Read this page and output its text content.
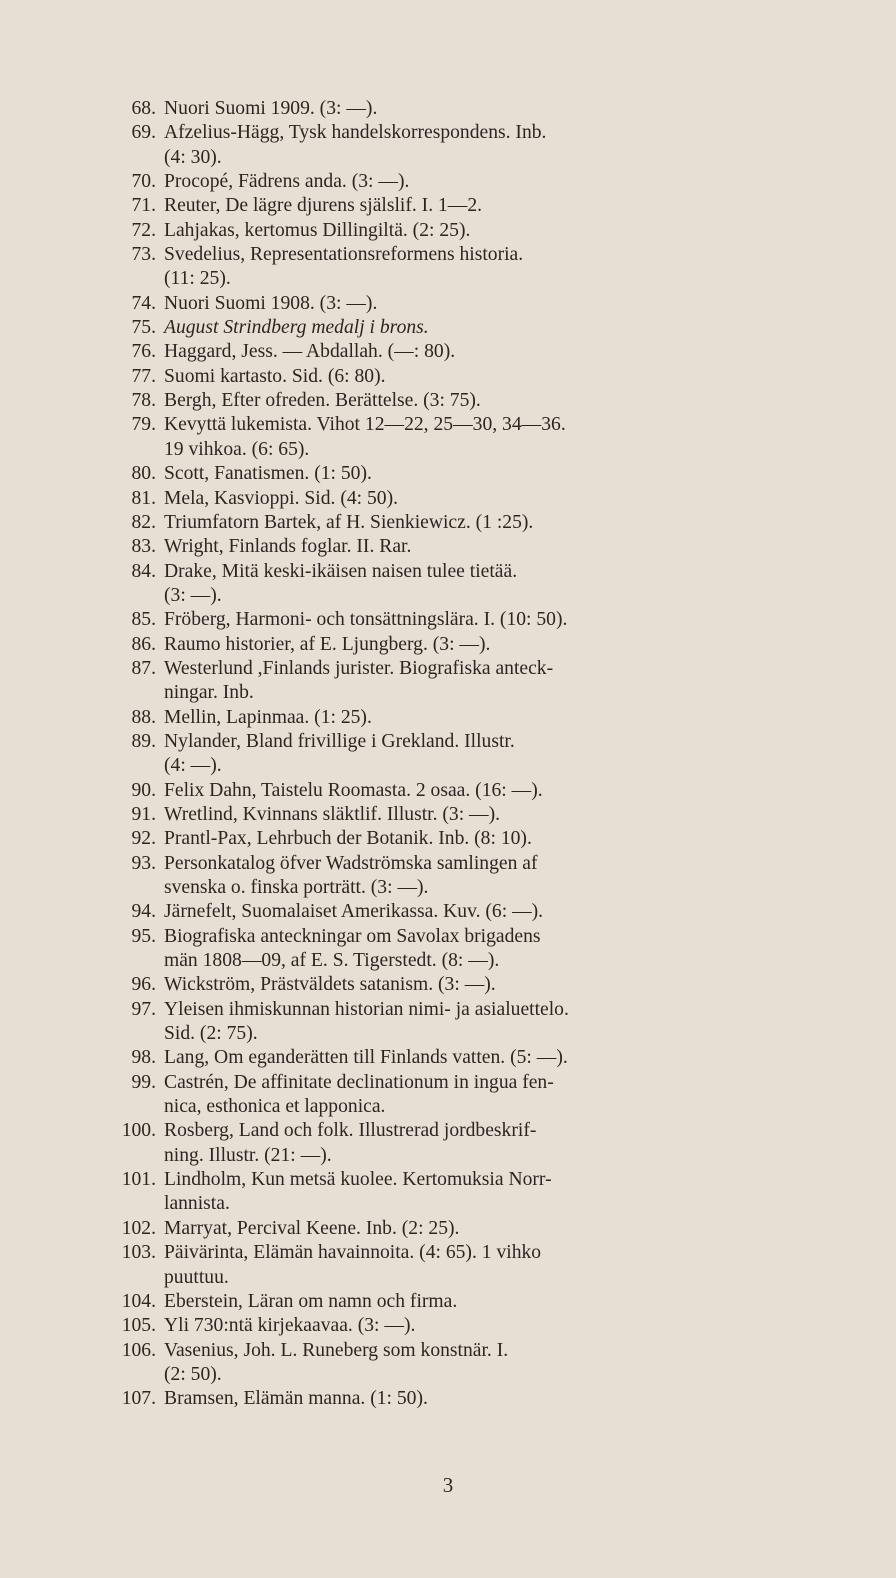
68. Nuori Suomi 1909. (3: —).
69. Afzelius-Hägg, Tysk handelskorrespondens. Inb.
(4: 30).
70. Procopé, Fädrens anda. (3: —).
71. Reuter, De lägre djurens själslif. I. 1—2.
72. Lahjakas, kertomus Dillingiltä. (2: 25).
73. Svedelius, Representationsreformens historia.
(11: 25).
74. Nuori Suomi 1908. (3: —).
75. August Strindberg medalj i brons.
76. Haggard, Jess. — Abdallah. (—: 80).
77. Suomi kartasto. Sid. (6: 80).
78. Bergh, Efter ofreden. Berättelse. (3: 75).
79. Kevyttä lukemista. Vihot 12—22, 25—30, 34—36.
19 vihkoa. (6: 65).
80. Scott, Fanatismen. (1: 50).
81. Mela, Kasvioppi. Sid. (4: 50).
82. Triumfatorn Bartek, af H. Sienkiewicz. (1 :25).
83. Wright, Finlands foglar. II. Rar.
84. Drake, Mitä keski-ikäisen naisen tulee tietää.
(3: —).
85. Fröberg, Harmoni- och tonsättningslära. I. (10: 50).
86. Raumo historier, af E. Ljungberg. (3: —).
87. Westerlund ,Finlands jurister. Biografiska anteck-
ningar. Inb.
88. Mellin, Lapinmaa. (1: 25).
89. Nylander, Bland frivillige i Grekland. Illustr.
(4: —).
90. Felix Dahn, Taistelu Roomasta. 2 osaa. (16: —).
91. Wretlind, Kvinnans släktlif. Illustr. (3: —).
92. Prantl-Pax, Lehrbuch der Botanik. Inb. (8: 10).
93. Personkatalog öfver Wadströmska samlingen af
svenska o. finska porträtt. (3: —).
94. Järnefelt, Suomalaiset Amerikassa. Kuv. (6: —).
95. Biografiska anteckningar om Savolax brigadens
män 1808—09, af E. S. Tigerstedt. (8: —).
96. Wickström, Prästväldets satanism. (3: —).
97. Yleisen ihmiskunnan historian nimi- ja asialuettelo.
Sid. (2: 75).
98. Lang, Om eganderätten till Finlands vatten. (5: —).
99. Castrén, De affinitate declinationum in ingua fen-
nica, esthonica et lapponica.
100. Rosberg, Land och folk. Illustrerad jordbeskrif-
ning. Illustr. (21: —).
101. Lindholm, Kun metsä kuolee. Kertomuksia Norr-
lannista.
102. Marryat, Percival Keene. Inb. (2: 25).
103. Päivärinta, Elämän havainnoita. (4: 65). 1 vihko
puuttuu.
104. Eberstein, Läran om namn och firma.
105. Yli 730:ntä kirjekaavaa. (3: —).
106. Vasenius, Joh. L. Runeberg som konstnär. I.
(2: 50).
107. Bramsen, Elämän manna. (1: 50).
3
